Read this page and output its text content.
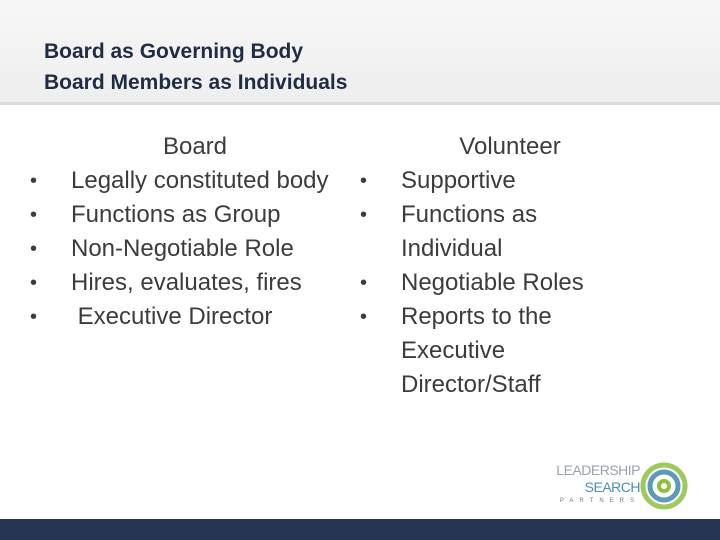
Board as Governing Body
Board Members as Individuals
Board
•	Legally constituted body
•	Functions as Group
•	Non-Negotiable Role
•	Hires, evaluates, fires
•	Executive Director
Volunteer
•	Supportive
•	Functions as Individual
•	Negotiable Roles
•	Reports to the Executive Director/Staff
LEADERSHIP
SEARCH
PARTNERS
